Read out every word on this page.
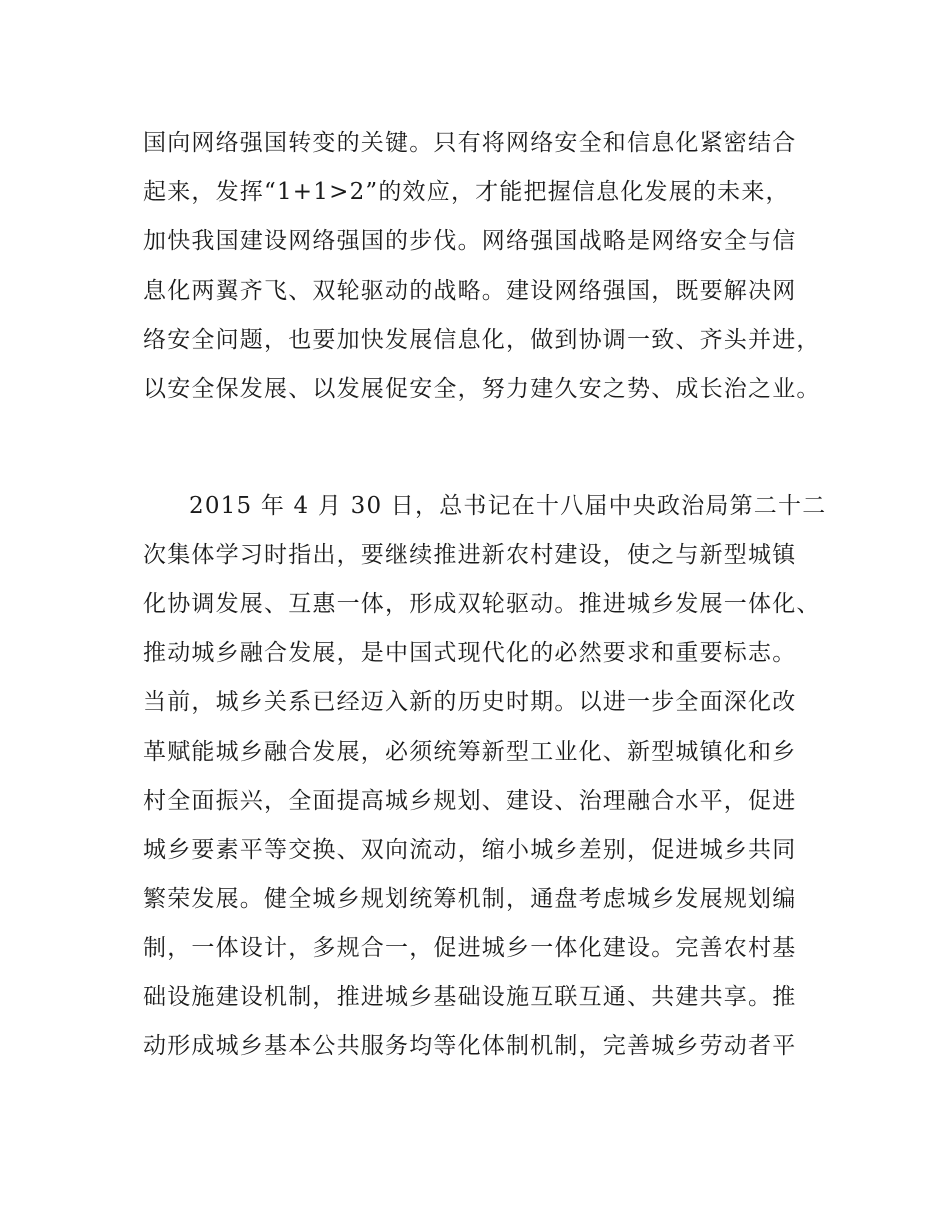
国向网络强国转变的关键。只有将网络安全和信息化紧密结合
起来，发挥“1+1>2”的效应，才能把握信息化发展的未来，
加快我国建设网络强国的步伐。网络强国战略是网络安全与信
息化两翼齐飞、双轮驱动的战略。建设网络强国，既要解决网
络安全问题，也要加快发展信息化，做到协调一致、齐头并进，
以安全保发展、以发展促安全，努力建久安之势、成长治之业。
2015 年 4 月 30 日，总书记在十八届中央政治局第二十二
次集体学习时指出，要继续推进新农村建设，使之与新型城镇
化协调发展、互惠一体，形成双轮驱动。推进城乡发展一体化、
推动城乡融合发展，是中国式现代化的必然要求和重要标志。
当前，城乡关系已经迈入新的历史时期。以进一步全面深化改
革赋能城乡融合发展，必须统筹新型工业化、新型城镇化和乡
村全面振兴，全面提高城乡规划、建设、治理融合水平，促进
城乡要素平等交换、双向流动，缩小城乡差别，促进城乡共同
繁荣发展。健全城乡规划统筹机制，通盘考虑城乡发展规划编
制，一体设计，多规合一，促进城乡一体化建设。完善农村基
础设施建设机制，推进城乡基础设施互联互通、共建共享。推
动形成城乡基本公共服务均等化体制机制，完善城乡劳动者平
